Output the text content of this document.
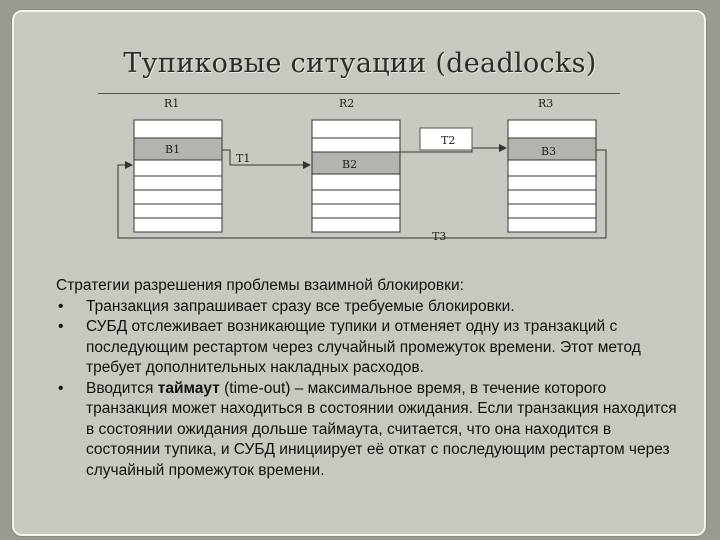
Тупиковые ситуации (deadlocks)
R1	R2	R3
B1
B2
B3
T1
T2
T3

Стратегии разрешения проблемы взаимной блокировки:

• Транзакция запрашивает сразу все требуемые блокировки.
• СУБД отслеживает возникающие тупики и отменяет одну из транзакций с последующим рестартом через случайный промежуток времени. Этот метод требует дополнительных накладных расходов.
• Вводится таймаут (time-out) – максимальное время, в течение которого транзакция может находиться в состоянии ожидания. Если транзакция находится в состоянии ожидания дольше таймаута, считается, что она находится в состоянии тупика, и СУБД инициирует её откат с последующим рестартом через случайный промежуток времени.
